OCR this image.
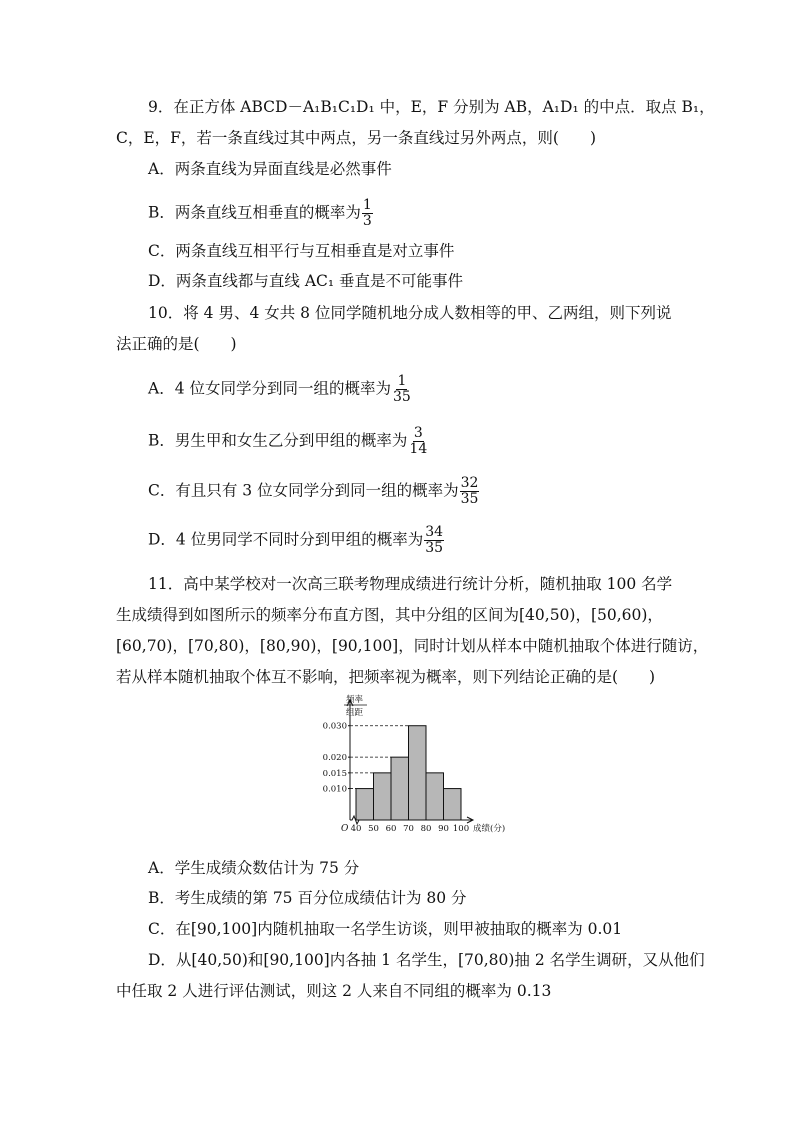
9．在正方体 ABCD－A₁B₁C₁D₁ 中，E，F 分别为 AB，A₁D₁ 的中点．取点 B₁，
C，E，F，若一条直线过其中两点，另一条直线过另外两点，则(　　)
A．两条直线为异面直线是必然事件
B．两条直线互相垂直的概率为 $\frac{1}{3}$
C．两条直线互相平行与互相垂直是对立事件
D．两条直线都与直线 AC₁ 垂直是不可能事件
10．将 4 男、4 女共 8 位同学随机地分成人数相等的甲、乙两组，则下列说
法正确的是(　　)
A．4 位女同学分到同一组的概率为 $\frac{1}{35}$
B．男生甲和女生乙分到甲组的概率为 $\frac{3}{14}$
C．有且只有 3 位女同学分到同一组的概率为 $\frac{32}{35}$
D．4 位男同学不同时分到甲组的概率为 $\frac{34}{35}$
11．高中某学校对一次高三联考物理成绩进行统计分析，随机抽取 100 名学
生成绩得到如图所示的频率分布直方图，其中分组的区间为[40,50)，[50,60)，
[60,70)，[70,80)，[80,90)，[90,100]，同时计划从样本中随机抽取个体进行随访，
若从样本随机抽取个体互不影响，把频率视为概率，则下列结论正确的是(　　)
0.010
0.015
0.020
0.030
40 50 60 70 80 90 100
O	成绩(分)
频率
组距
A．学生成绩众数估计为 75 分
B．考生成绩的第 75 百分位成绩估计为 80 分
C．在[90,100]内随机抽取一名学生访谈，则甲被抽取的概率为 0.01
D．从[40,50)和[90,100]内各抽 1 名学生，[70,80)抽 2 名学生调研，又从他们
中任取 2 人进行评估测试，则这 2 人来自不同组的概率为 0.13
